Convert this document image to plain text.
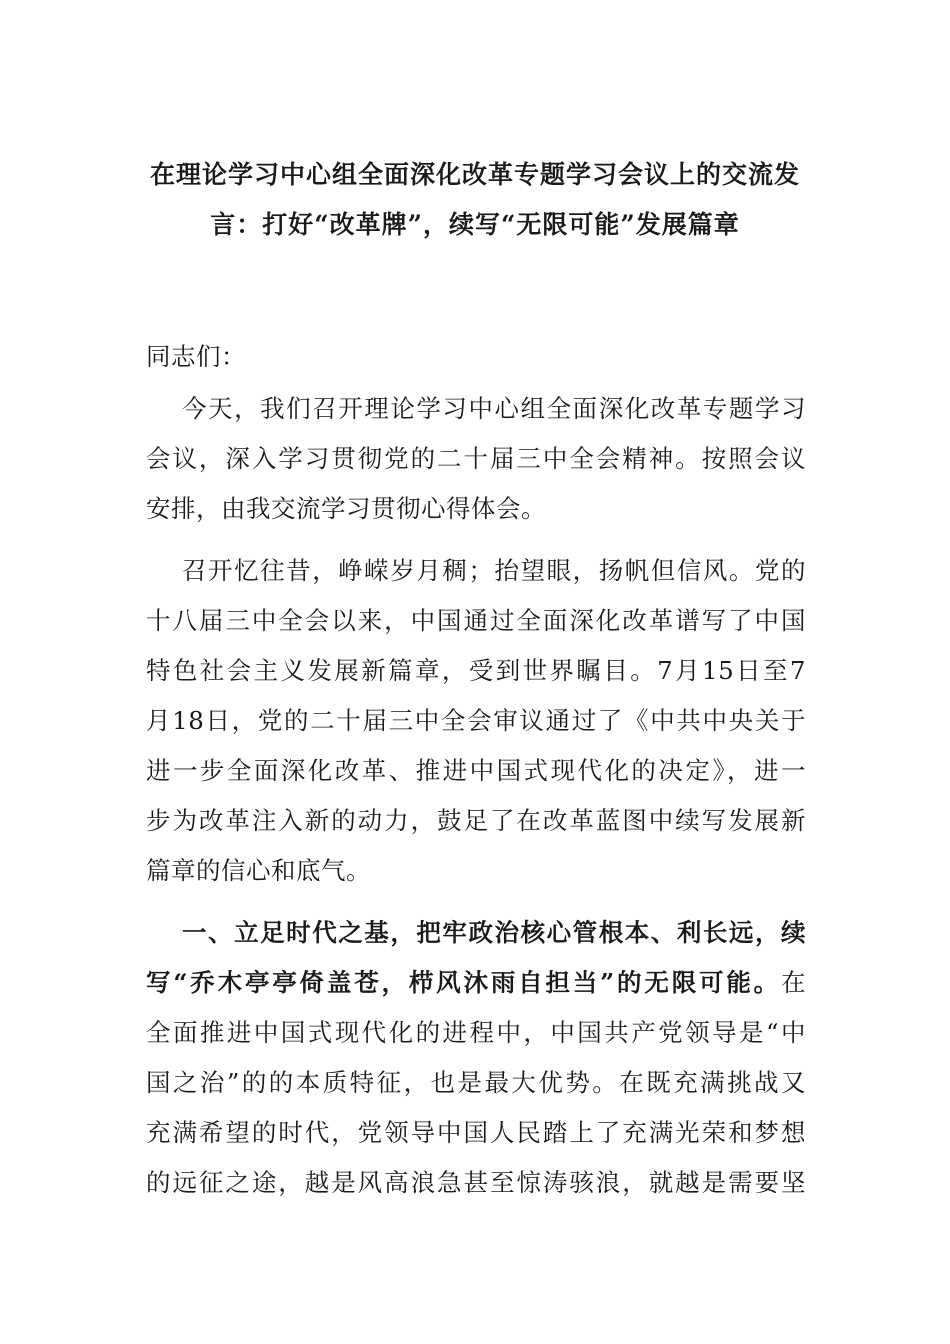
在理论学习中心组全面深化改革专题学习会议上的交流发
言：打好“改革牌”，续写“无限可能”发展篇章
同志们：
今天，我们召开理论学习中心组全面深化改革专题学习
会议，深入学习贯彻党的二十届三中全会精神。按照会议
安排，由我交流学习贯彻心得体会。
召开忆往昔，峥嵘岁月稠；抬望眼，扬帆但信风。党的
十八届三中全会以来，中国通过全面深化改革谱写了中国
特色社会主义发展新篇章，受到世界瞩目。7月15日至7
月18日，党的二十届三中全会审议通过了《中共中央关于
进一步全面深化改革、推进中国式现代化的决定》，进一
步为改革注入新的动力，鼓足了在改革蓝图中续写发展新
篇章的信心和底气。
一、立足时代之基，把牢政治核心管根本、利长远，续
写“乔木亭亭倚盖苍，栉风沐雨自担当”的无限可能。在
全面推进中国式现代化的进程中，中国共产党领导是“中
国之治”的的本质特征，也是最大优势。在既充满挑战又
充满希望的时代，党领导中国人民踏上了充满光荣和梦想
的远征之途，越是风高浪急甚至惊涛骇浪，就越是需要坚
